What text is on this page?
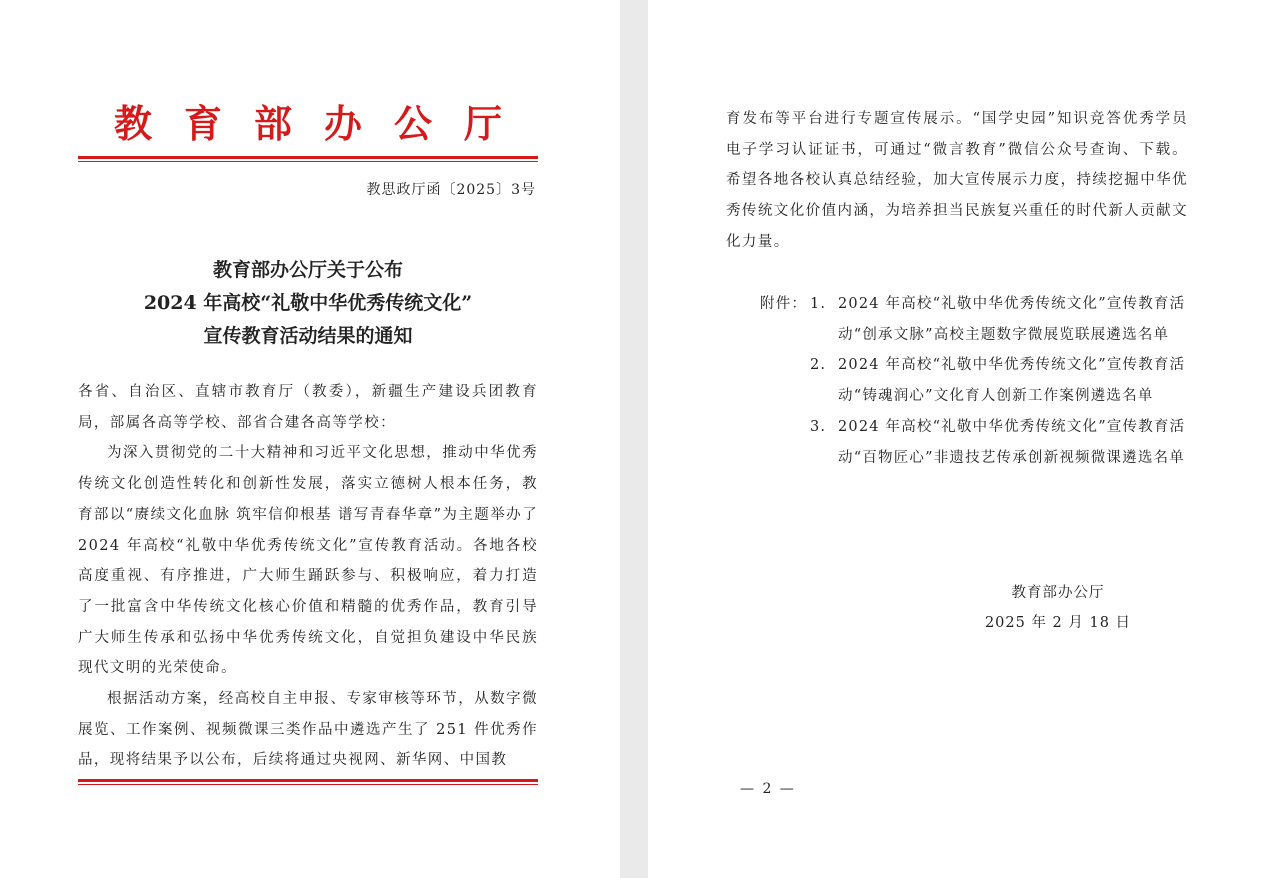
教育部办公厅
教思政厅函〔2025〕3号
教育部办公厅关于公布
2024 年高校“礼敬中华优秀传统文化”
宣传教育活动结果的通知

各省、自治区、直辖市教育厅（教委），新疆生产建设兵团教育局，部属各高等学校、部省合建各高等学校：

为深入贯彻党的二十大精神和习近平文化思想，推动中华优秀传统文化创造性转化和创新性发展，落实立德树人根本任务，教育部以“赓续文化血脉 筑牢信仰根基 谱写青春华章”为主题举办了 2024 年高校“礼敬中华优秀传统文化”宣传教育活动。各地各校高度重视、有序推进，广大师生踊跃参与、积极响应，着力打造了一批富含中华传统文化核心价值和精髓的优秀作品，教育引导广大师生传承和弘扬中华优秀传统文化，自觉担负建设中华民族现代文明的光荣使命。

根据活动方案，经高校自主申报、专家审核等环节，从数字微展览、工作案例、视频微课三类作品中遴选产生了 251 件优秀作品，现将结果予以公布，后续将通过央视网、新华网、中国教

育发布等平台进行专题宣传展示。“国学史园”知识竞答优秀学员电子学习认证证书，可通过“微言教育”微信公众号查询、下载。希望各地各校认真总结经验，加大宣传展示力度，持续挖掘中华优秀传统文化价值内涵，为培养担当民族复兴重任的时代新人贡献文化力量。

附件： 1. 2024 年高校“礼敬中华优秀传统文化”宣传教育活动“创承文脉”高校主题数字微展览联展遴选名单
2. 2024 年高校“礼敬中华优秀传统文化”宣传教育活动“铸魂润心”文化育人创新工作案例遴选名单
3. 2024 年高校“礼敬中华优秀传统文化”宣传教育活动“百物匠心”非遗技艺传承创新视频微课遴选名单
教育部办公厅
2025 年 2 月 18 日
— 2 —
